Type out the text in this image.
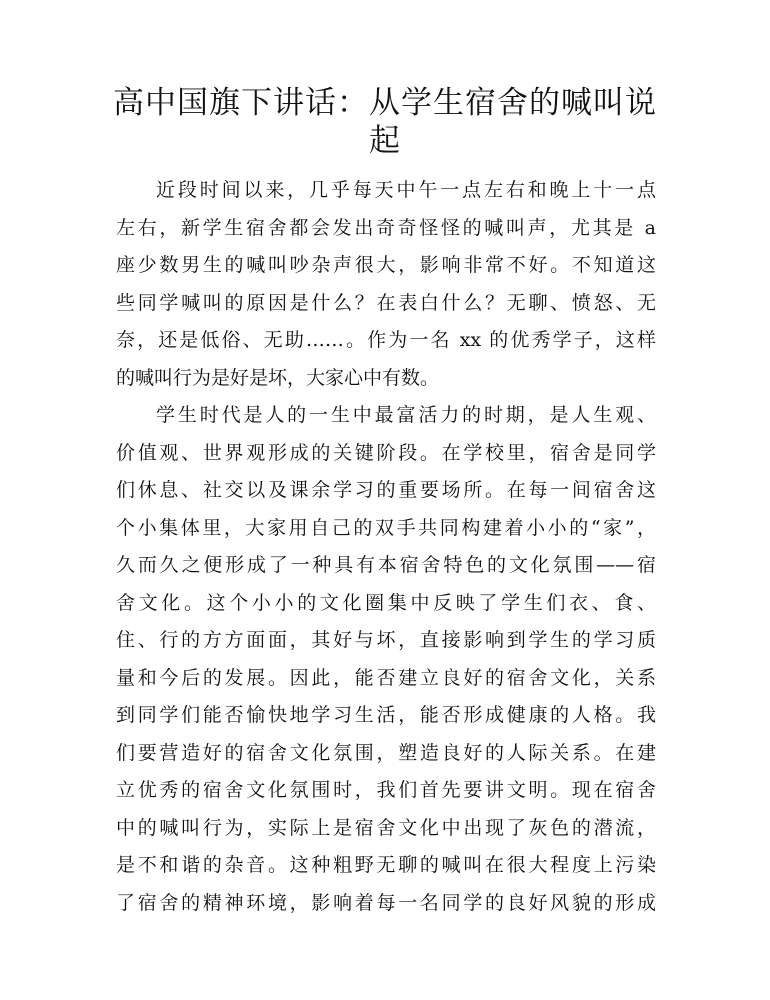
高中国旗下讲话：从学生宿舍的喊叫说
起

近段时间以来，几乎每天中午一点左右和晚上十一点
左右，新学生宿舍都会发出奇奇怪怪的喊叫声，尤其是 a
座少数男生的喊叫吵杂声很大，影响非常不好。不知道这
些同学喊叫的原因是什么？在表白什么？无聊、愤怒、无
奈，还是低俗、无助……。作为一名 xx 的优秀学子，这样
的喊叫行为是好是坏，大家心中有数。

学生时代是人的一生中最富活力的时期，是人生观、
价值观、世界观形成的关键阶段。在学校里，宿舍是同学
们休息、社交以及课余学习的重要场所。在每一间宿舍这
个小集体里，大家用自己的双手共同构建着小小的“家”，
久而久之便形成了一种具有本宿舍特色的文化氛围——宿
舍文化。这个小小的文化圈集中反映了学生们衣、食、
住、行的方方面面，其好与坏，直接影响到学生的学习质
量和今后的发展。因此，能否建立良好的宿舍文化，关系
到同学们能否愉快地学习生活，能否形成健康的人格。我
们要营造好的宿舍文化氛围，塑造良好的人际关系。在建
立优秀的宿舍文化氛围时，我们首先要讲文明。现在宿舍
中的喊叫行为，实际上是宿舍文化中出现了灰色的潜流，
是不和谐的杂音。这种粗野无聊的喊叫在很大程度上污染
了宿舍的精神环境，影响着每一名同学的良好风貌的形成
